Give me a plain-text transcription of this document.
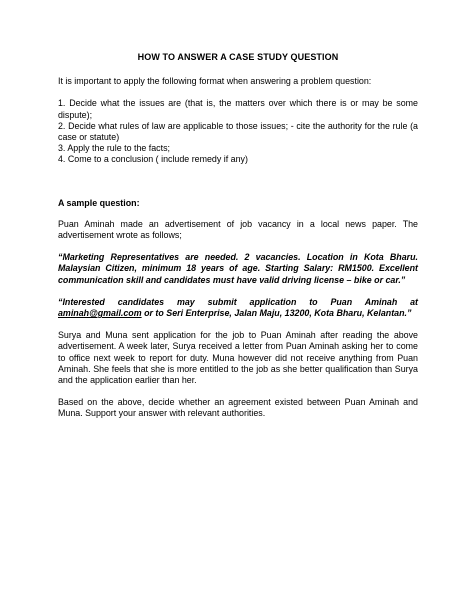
HOW TO ANSWER A CASE STUDY QUESTION

It is important to apply the following format when answering a problem question:

1. Decide what the issues are (that is, the matters over which there is or may be some dispute);

2. Decide what rules of law are applicable to those issues; - cite the authority for the rule (a case or statute)

3. Apply the rule to the facts;

4. Come to a conclusion ( include remedy if any)

A sample question:

Puan Aminah made an advertisement of job vacancy in a local news paper. The advertisement wrote as follows;

“Marketing Representatives are needed. 2 vacancies. Location in Kota Bharu. Malaysian Citizen, minimum 18 years of age. Starting Salary: RM1500. Excellent communication skill and candidates must have valid driving license – bike or car.”

“Interested candidates may submit application to Puan Aminah at aminah@gmail.com or to Seri Enterprise, Jalan Maju, 13200, Kota Bharu, Kelantan.”

Surya and Muna sent application for the job to Puan Aminah after reading the above advertisement. A week later, Surya received a letter from Puan Aminah asking her to come to office next week to report for duty. Muna however did not receive anything from Puan Aminah. She feels that she is more entitled to the job as she better qualification than Surya and the application earlier than her.

Based on the above, decide whether an agreement existed between Puan Aminah and Muna. Support your answer with relevant authorities.
